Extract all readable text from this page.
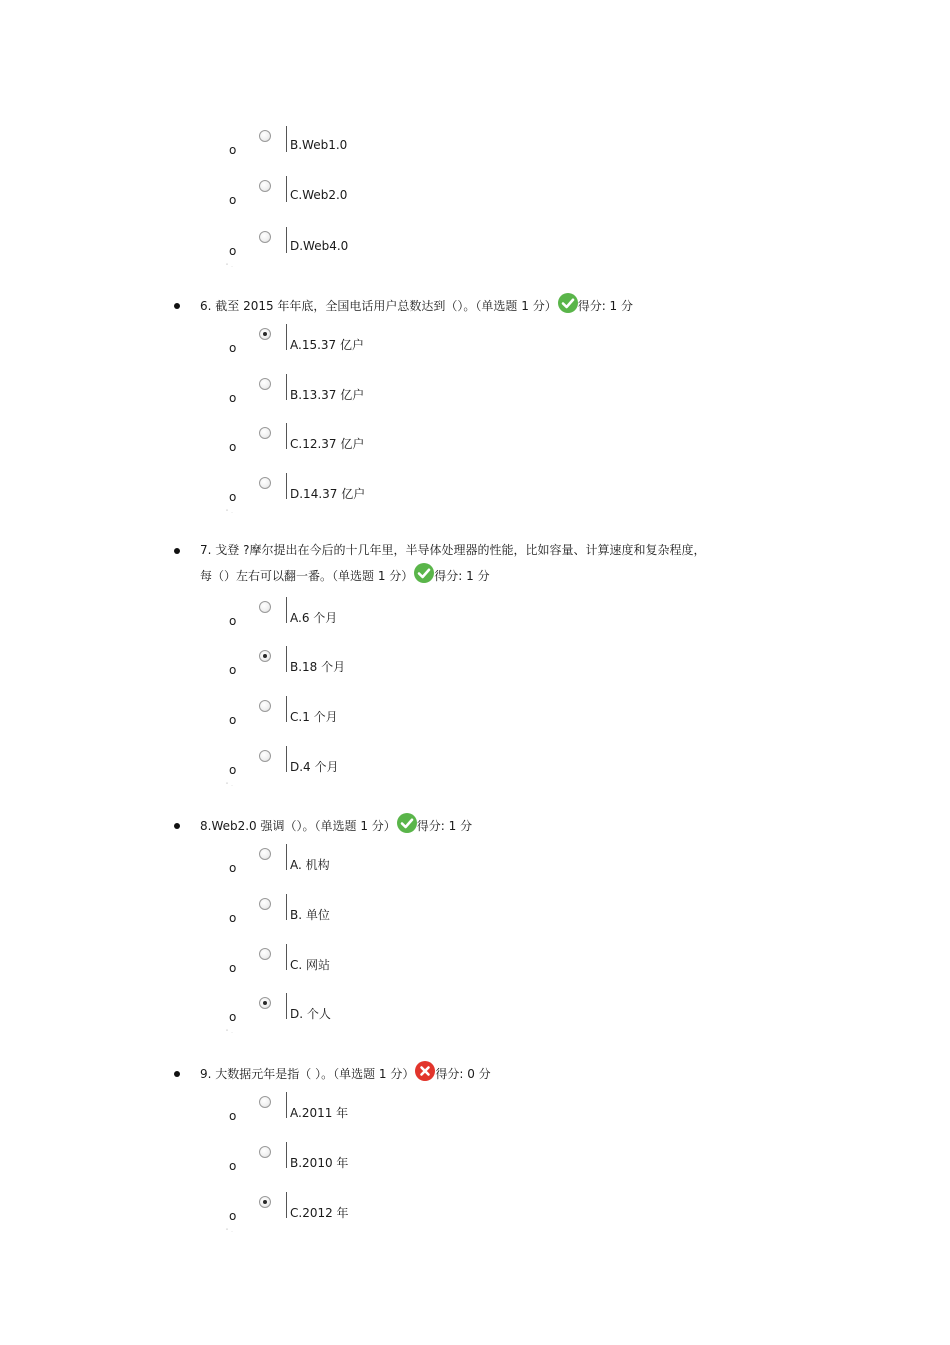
o	B.Web1.0
o	C.Web2.0
o	D.Web4.0
“ .
6. 截至 2015 年年底，全国电话用户总数达到（）。（单选题 1 分） 得分: 1 分
o	A.15.37 亿户
o	B.13.37 亿户
o	C.12.37 亿户
o	D.14.37 亿户
“ .
7. 戈登 ?摩尔提出在今后的十几年里，半导体处理器的性能，比如容量、计算速度和复杂程度，
每（）左右可以翻一番。（单选题 1 分） 得分: 1 分
o	A.6 个月
o	B.18 个月
o	C.1 个月
o	D.4 个月
“ .
8.Web2.0 强调（）。（单选题 1 分） 得分: 1 分
o	A. 机构
o	B. 单位
o	C. 网站
o	D. 个人
“ .
9. 大数据元年是指（ ）。（单选题 1 分） 得分: 0 分
o	A.2011 年
o	B.2010 年
o	C.2012 年
“ .
